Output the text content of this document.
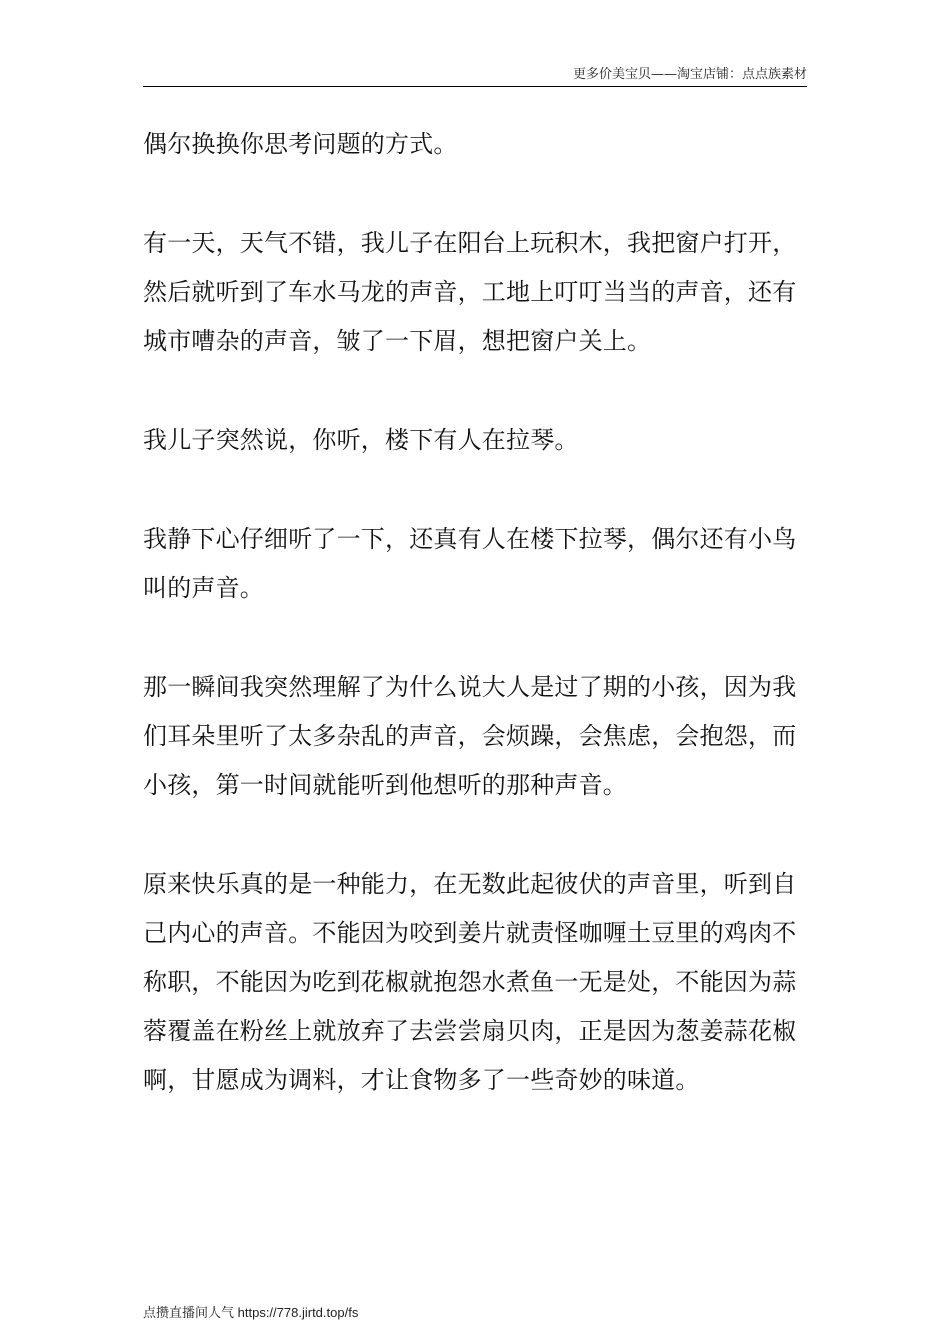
更多价美宝贝——淘宝店铺：点点族素材

偶尔换换你思考问题的方式。

有一天，天气不错，我儿子在阳台上玩积木，我把窗户打开，然后就听到了车水马龙的声音，工地上叮叮当当的声音，还有城市嘈杂的声音，皱了一下眉，想把窗户关上。

我儿子突然说，你听，楼下有人在拉琴。

我静下心仔细听了一下，还真有人在楼下拉琴，偶尔还有小鸟叫的声音。

那一瞬间我突然理解了为什么说大人是过了期的小孩，因为我们耳朵里听了太多杂乱的声音，会烦躁，会焦虑，会抱怨，而小孩，第一时间就能听到他想听的那种声音。

原来快乐真的是一种能力，在无数此起彼伏的声音里，听到自己内心的声音。不能因为咬到姜片就责怪咖喱土豆里的鸡肉不称职，不能因为吃到花椒就抱怨水煮鱼一无是处，不能因为蒜蓉覆盖在粉丝上就放弃了去尝尝扇贝肉，正是因为葱姜蒜花椒啊，甘愿成为调料，才让食物多了一些奇妙的味道。

点攒直播间人气 https://778.jirtd.top/fs
